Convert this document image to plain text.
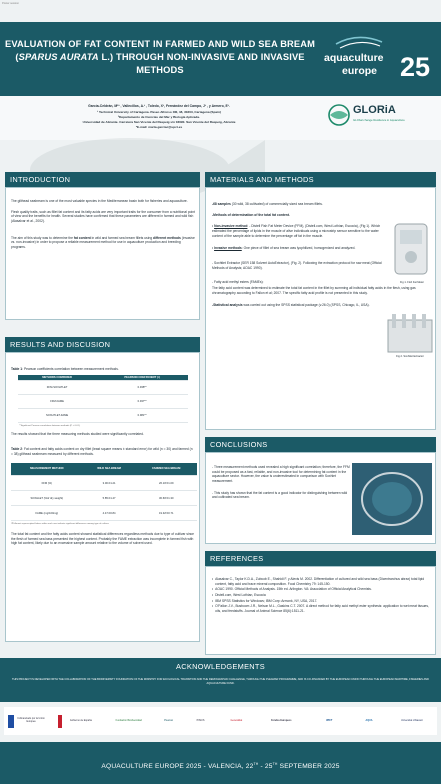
Poster session
EVALUATION OF FAT CONTENT IN FARMED AND WILD SEA BREAM (SPARUS AURATA L.) THROUGH NON-INVASIVE AND INVASIVE METHODS
aquaculture
europe 25
García-Celdrán, M*¹ , Vallecillos, A.¹ , Toledo, X¹, Fernández del Campo, J¹ , y Armero, E¹.
¹ Technical University of Cartagena. Paseo Alfonso XIII, 48, 30203, Cartagena (Spain)
²Departamento de Ciencias del Mar y Biología Aplicada.
Universidad de Alicante. Carretera San Vicente del Raspeig s/n 03690. San Vicente del Raspeig, Alicante
*E-mail: marta.garciac@upct.es
GLORiA
GLObal change Resilience in Aquaculture
INTRODUCTION

The gilthead seabream is one of the most valuable species in the Mediterranean basin both for fisheries and aquaculture.

Flesh quality traits, such as fillet fat content and its fatty acids are very important traits for the consumer from a nutritional point of view and the benefits for health. Several studies have confirmed that these parameters are different in farmed and wild fish (Alasalvar et al., 2002).

The aim of this study was to determine the fat content in wild and farmed sea bream fillets using different methods (invasive vs. non-invasive) in order to propose a reliable measurement method for use in aquaculture production and breeding programs.

MATERIALS AND METHODS

-68 samples (30 wild, 38 cultivated) of commercially sized sea bream fillets.

-Methods of determination of the total fat content.

• Non-invasive method: - Distell Fish Fat Meter Device (FFM), (Distell.com, West Lothian, Escocia), (Fig 1). Which estimated the percentage of lipids in the muscle of alive individuals using a microstrip sensor sensitive to the water content of the sample able to determine the percentage off fat in the muscle.

• Invasive methods: One piece of fillet of sea bream was lyophilized, homogenized and analyzed.

- Soxhtlet Extractor (SER 158 Solvent AutoExtractor), (Fig. 2). Following the extraction protocol for raw meat (Official Methods of Analysis; AOAC 1990).

- Fatty acid methyl esters (FAMEs):

The fatty acid content was determined to estimate the total fat content in the fillet by summing all individual fatty acids in the flesh, using gas chromatography according to Fallon et al; 2007. The specific fatty acid profile is not presented in this study.

-Statistical analysis was carried out using the SPSS statistical package (v.26.0) (SPSS, Chicago, IL, USA).

Fig 1. Fish Fat Meter
Fig 2. Soxhtlet Extractor
RESULTS AND DISCUSION

Table 1: Pearson coefficients correlation between measurement methods.

METHODS COMPARED	PEARSON COEFFICIENT (r)
FFM-SOXHTLET	0.938**
FFM-FAME	0.937**
SOXHTLET-FAME	0.981**

**Significant Pearson correlations between methods (P < 0.01).

The results showed that the three measuring methods studied were significantly correlated.

Table 2: Fat content and fatty acids content on dry fillet (least square means ± standard error) for wild (n = 30) and farmed (n = 38) gilthead seabream measured by different methods.

MEASUREMENT METHOD	WILD SEA BREAM	FARMED SEA BREAM
FFM (%)	3.00ᵃ±1.21	26.10ᵇ±1.09
SOXHLET (%of dry weight)	5.85ᵃ±1.47	30.60ᵇ±1.30
FAME (mg/100mg)	4.47ᵃ±0.84	19.32ᵇ±0.71

ᵃᵇDifferent superscripted letters within each row indicate significant differences among type of cultivar.

The total fat content and the fatty acids content showed statistical differences regardless methods due to type of cultivar since the flesh of farmed sea bass presented the highest content. Probably the FAME extraction was incomplete in farmed fish with high fat content, likely due to an excessive sample amount relative to the volume of solvent used.

CONCLUSIONS

- Three measurement methods used revealed a high significant correlation; therefore, the FFM could be proposed as a fast, reliable, and non-invasive tool for determining fat content in the aquaculture sector. However, the value is underestimated in comparison with Soxhlet measurement.

- This study has shown that the fat content is a good indicator for distinguishing between wild and cultivated sea bream.

REFERENCES
• Alasalvar C., Taylor K.D.A., Zubcob E., Shahidi F. y Alexis M. 2002. Differentiation of cultured and wild sea bass (Dicentrarchus abrax) total lipid content, fatty acid and trace mineral composition. Food Chemistry 79: 145-150.
• AOAC 1990. Official Methods of Analysis. 15th ed. Arlington. VA: Association of Official Analytical Chemists.
• Distell.com, West Lothian, Escocia
• IBM SPSS Statistics for Windows; IBM Corp: Armonk, NY, USA, 2017.
• O'Fallon J.V., Busboom J.R., Nelson M.L., Gaskins C.T. 2007. A direct method for fatty acid methyl ester synthesis: application to wet meat tissues, oils, and feedstuffs. Journal of Animal Science 85(6):1511-21.
ACKNOWLEDGEMENTS
THIS PROJECT IS DEVELOPED WITH THE COLLABORATION OF THE BIODIVERSITY FOUNDATION OF THE MINISTRY FOR ECOLOGICAL TRANSITION AND THE DEMOGRAPHIC CHALLENGE, THROUGH THE PLEAMAR PROGRAMME, AND IS CO-FINANCED BY THE EUROPEAN UNION THROUGH THE EUROPEAN MARITIME, FISHERIES AND AQUACULTURE FUND.
Cofinanciado por la Unión Europea	Gobierno de España	Fundación Biodiversidad	Pleamar	PISCIS	Generalitat	Fondos Europeos	UPCT	AQUA	Universitat d'Alacant
AQUACULTURE EUROPE 2025 - VALENCIA, 22TH - 25TH SEPTEMBER 2025
